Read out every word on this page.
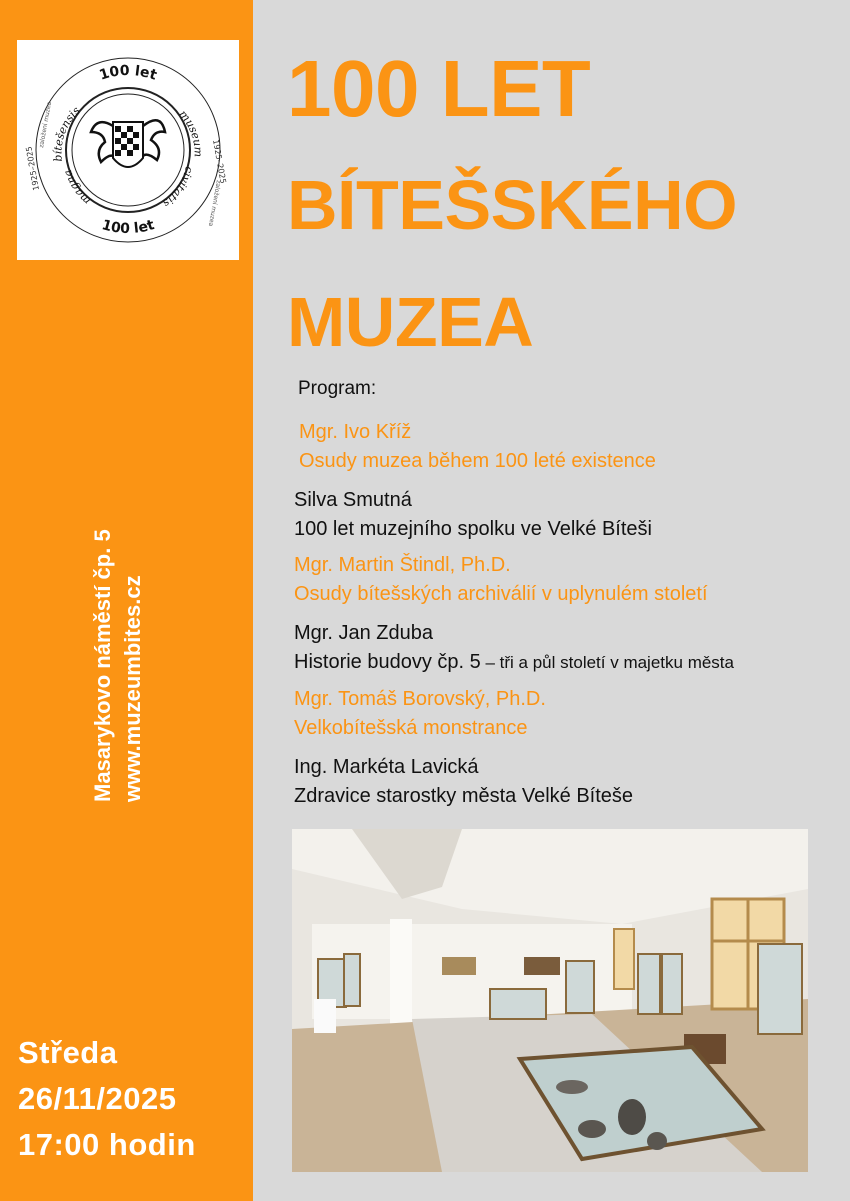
100 let
100 let
bítešensis	museum
civitatis
magna	1925–2025
1925–2025
založení muzea
založení muzea
Masarykovo náměstí čp. 5 www.muzeumbites.cz
Středa
26/11/2025
17:00 hodin
100 LET
BÍTEŠSKÉHO
MUZEA
Program:
Mgr. Ivo Kříž
Osudy muzea během 100 leté existence
Silva Smutná
100 let muzejního spolku ve Velké Bíteši
Mgr. Martin Štindl, Ph.D.
Osudy bítešských archiválií v uplynulém století
Mgr. Jan Zduba
Historie budovy čp. 5 – tři a půl století v majetku města
Mgr. Tomáš Borovský, Ph.D.
Velkobítešská monstrance
Ing. Markéta Lavická
Zdravice starostky města Velké Bíteše
